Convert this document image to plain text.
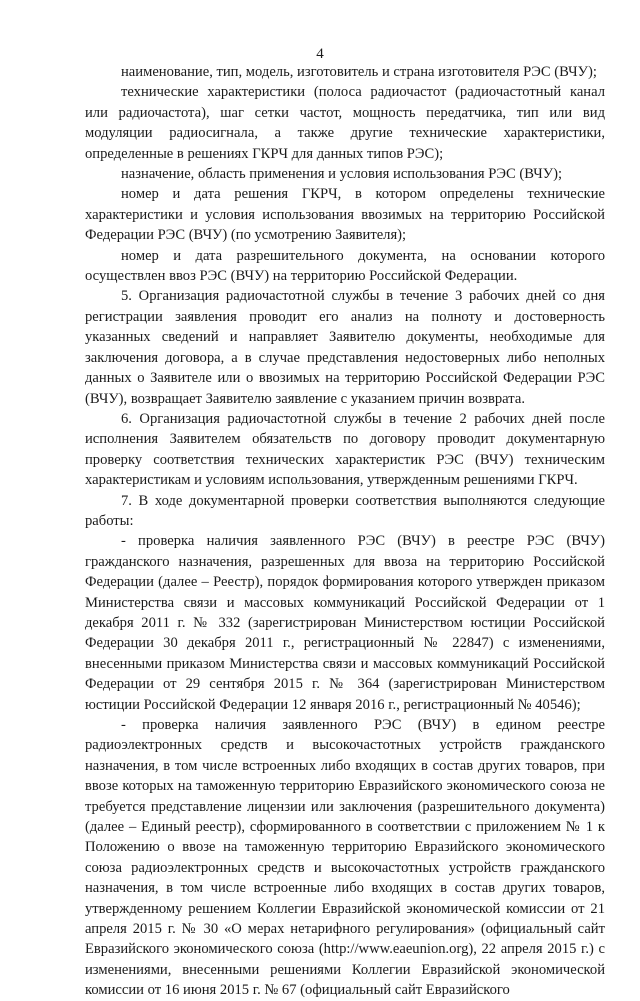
4

наименование, тип, модель, изготовитель и страна изготовителя РЭС (ВЧУ);

технические характеристики (полоса радиочастот (радиочастотный канал или радиочастота), шаг сетки частот, мощность передатчика, тип или вид модуляции радиосигнала, а также другие технические характеристики, определенные в решениях ГКРЧ для данных типов РЭС);

назначение, область применения и условия использования РЭС (ВЧУ);

номер и дата решения ГКРЧ, в котором определены технические характеристики и условия использования ввозимых на территорию Российской Федерации РЭС (ВЧУ) (по усмотрению Заявителя);

номер и дата разрешительного документа, на основании которого осуществлен ввоз РЭС (ВЧУ) на территорию Российской Федерации.

5. Организация радиочастотной службы в течение 3 рабочих дней со дня регистрации заявления проводит его анализ на полноту и достоверность указанных сведений и направляет Заявителю документы, необходимые для заключения договора, а в случае представления недостоверных либо неполных данных о Заявителе или о ввозимых на территорию Российской Федерации РЭС (ВЧУ), возвращает Заявителю заявление с указанием причин возврата.

6. Организация радиочастотной службы в течение 2 рабочих дней после исполнения Заявителем обязательств по договору проводит документарную проверку соответствия технических характеристик РЭС (ВЧУ) техническим характеристикам и условиям использования, утвержденным решениями ГКРЧ.

7. В ходе документарной проверки соответствия выполняются следующие работы:

- проверка наличия заявленного РЭС (ВЧУ) в реестре РЭС (ВЧУ) гражданского назначения, разрешенных для ввоза на территорию Российской Федерации (далее – Реестр), порядок формирования которого утвержден приказом Министерства связи и массовых коммуникаций Российской Федерации от 1 декабря 2011 г. № 332 (зарегистрирован Министерством юстиции Российской Федерации 30 декабря 2011 г., регистрационный № 22847) с изменениями, внесенными приказом Министерства связи и массовых коммуникаций Российской Федерации от 29 сентября 2015 г. № 364 (зарегистрирован Министерством юстиции Российской Федерации 12 января 2016 г., регистрационный № 40546);

- проверка наличия заявленного РЭС (ВЧУ) в едином реестре радиоэлектронных средств и высокочастотных устройств гражданского назначения, в том числе встроенных либо входящих в состав других товаров, при ввозе которых на таможенную территорию Евразийского экономического союза не требуется представление лицензии или заключения (разрешительного документа) (далее – Единый реестр), сформированного в соответствии с приложением № 1 к Положению о ввозе на таможенную территорию Евразийского экономического союза радиоэлектронных средств и высокочастотных устройств гражданского назначения, в том числе встроенные либо входящих в состав других товаров, утвержденному решением Коллегии Евразийской экономической комиссии от 21 апреля 2015 г. № 30 «О мерах нетарифного регулирования» (официальный сайт Евразийского экономического союза (http://www.eaeunion.org), 22 апреля 2015 г.) с изменениями, внесенными решениями Коллегии Евразийской экономической комиссии от 16 июня 2015 г. № 67 (официальный сайт Евразийского
